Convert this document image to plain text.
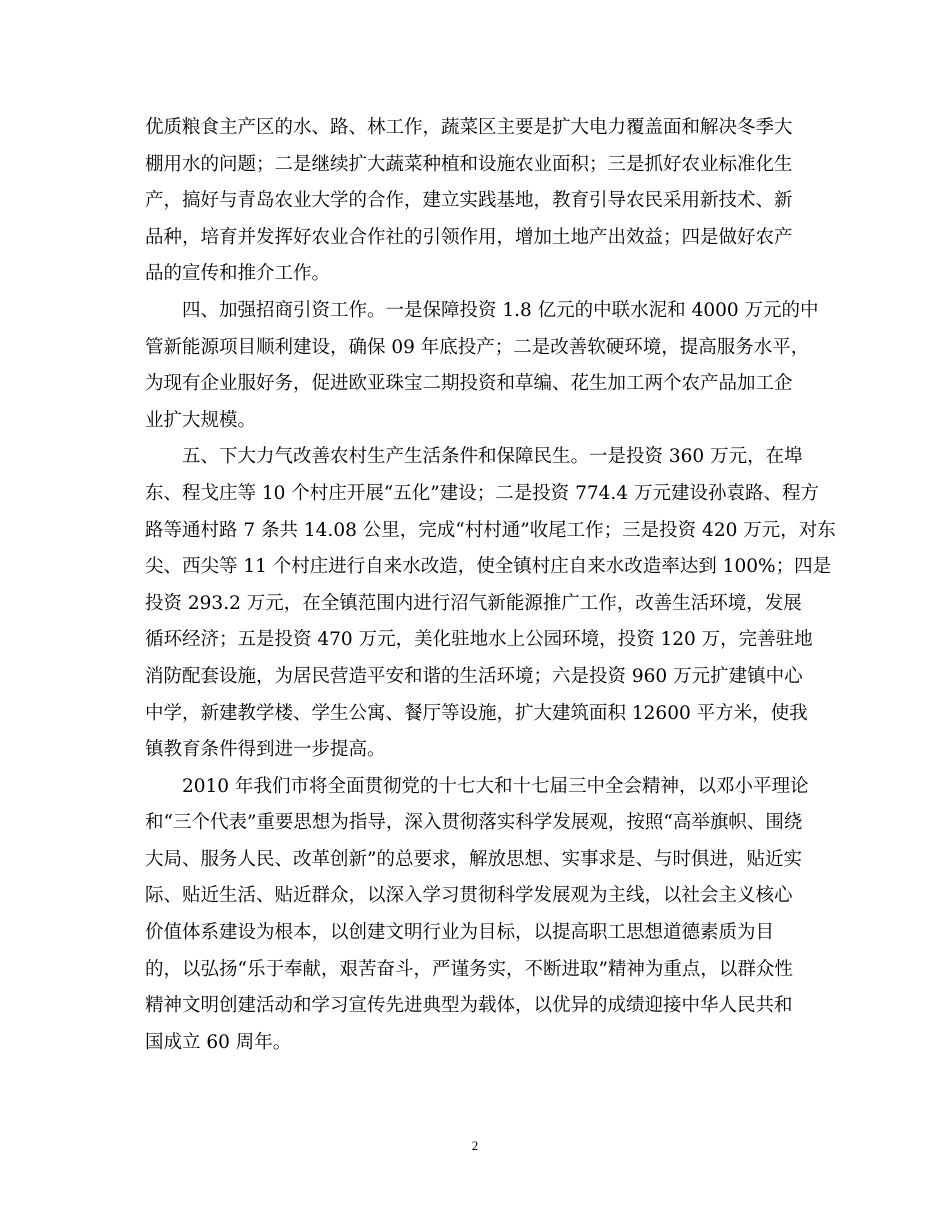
优质粮食主产区的水、路、林工作，蔬菜区主要是扩大电力覆盖面和解决冬季大
棚用水的问题；二是继续扩大蔬菜种植和设施农业面积；三是抓好农业标准化生
产，搞好与青岛农业大学的合作，建立实践基地，教育引导农民采用新技术、新
品种，培育并发挥好农业合作社的引领作用，增加土地产出效益；四是做好农产
品的宣传和推介工作。
四、加强招商引资工作。一是保障投资 1.8 亿元的中联水泥和 4000 万元的中
管新能源项目顺利建设，确保 09 年底投产；二是改善软硬环境，提高服务水平，
为现有企业服好务，促进欧亚珠宝二期投资和草编、花生加工两个农产品加工企
业扩大规模。
五、下大力气改善农村生产生活条件和保障民生。一是投资 360 万元，在埠
东、程戈庄等 10 个村庄开展“五化”建设；二是投资 774.4 万元建设孙袁路、程方
路等通村路 7 条共 14.08 公里，完成“村村通”收尾工作；三是投资 420 万元，对东
尖、西尖等 11 个村庄进行自来水改造，使全镇村庄自来水改造率达到 100%；四是
投资 293.2 万元，在全镇范围内进行沼气新能源推广工作，改善生活环境，发展
循环经济；五是投资 470 万元，美化驻地水上公园环境，投资 120 万，完善驻地
消防配套设施，为居民营造平安和谐的生活环境；六是投资 960 万元扩建镇中心
中学，新建教学楼、学生公寓、餐厅等设施，扩大建筑面积 12600 平方米，使我
镇教育条件得到进一步提高。
2010 年我们市将全面贯彻党的十七大和十七届三中全会精神，以邓小平理论
和“三个代表”重要思想为指导，深入贯彻落实科学发展观，按照“高举旗帜、围绕
大局、服务人民、改革创新”的总要求，解放思想、实事求是、与时俱进，贴近实
际、贴近生活、贴近群众，以深入学习贯彻科学发展观为主线，以社会主义核心
价值体系建设为根本，以创建文明行业为目标，以提高职工思想道德素质为目
的，以弘扬“乐于奉献，艰苦奋斗，严谨务实，不断进取”精神为重点，以群众性
精神文明创建活动和学习宣传先进典型为载体，以优异的成绩迎接中华人民共和
国成立 60 周年。
2
